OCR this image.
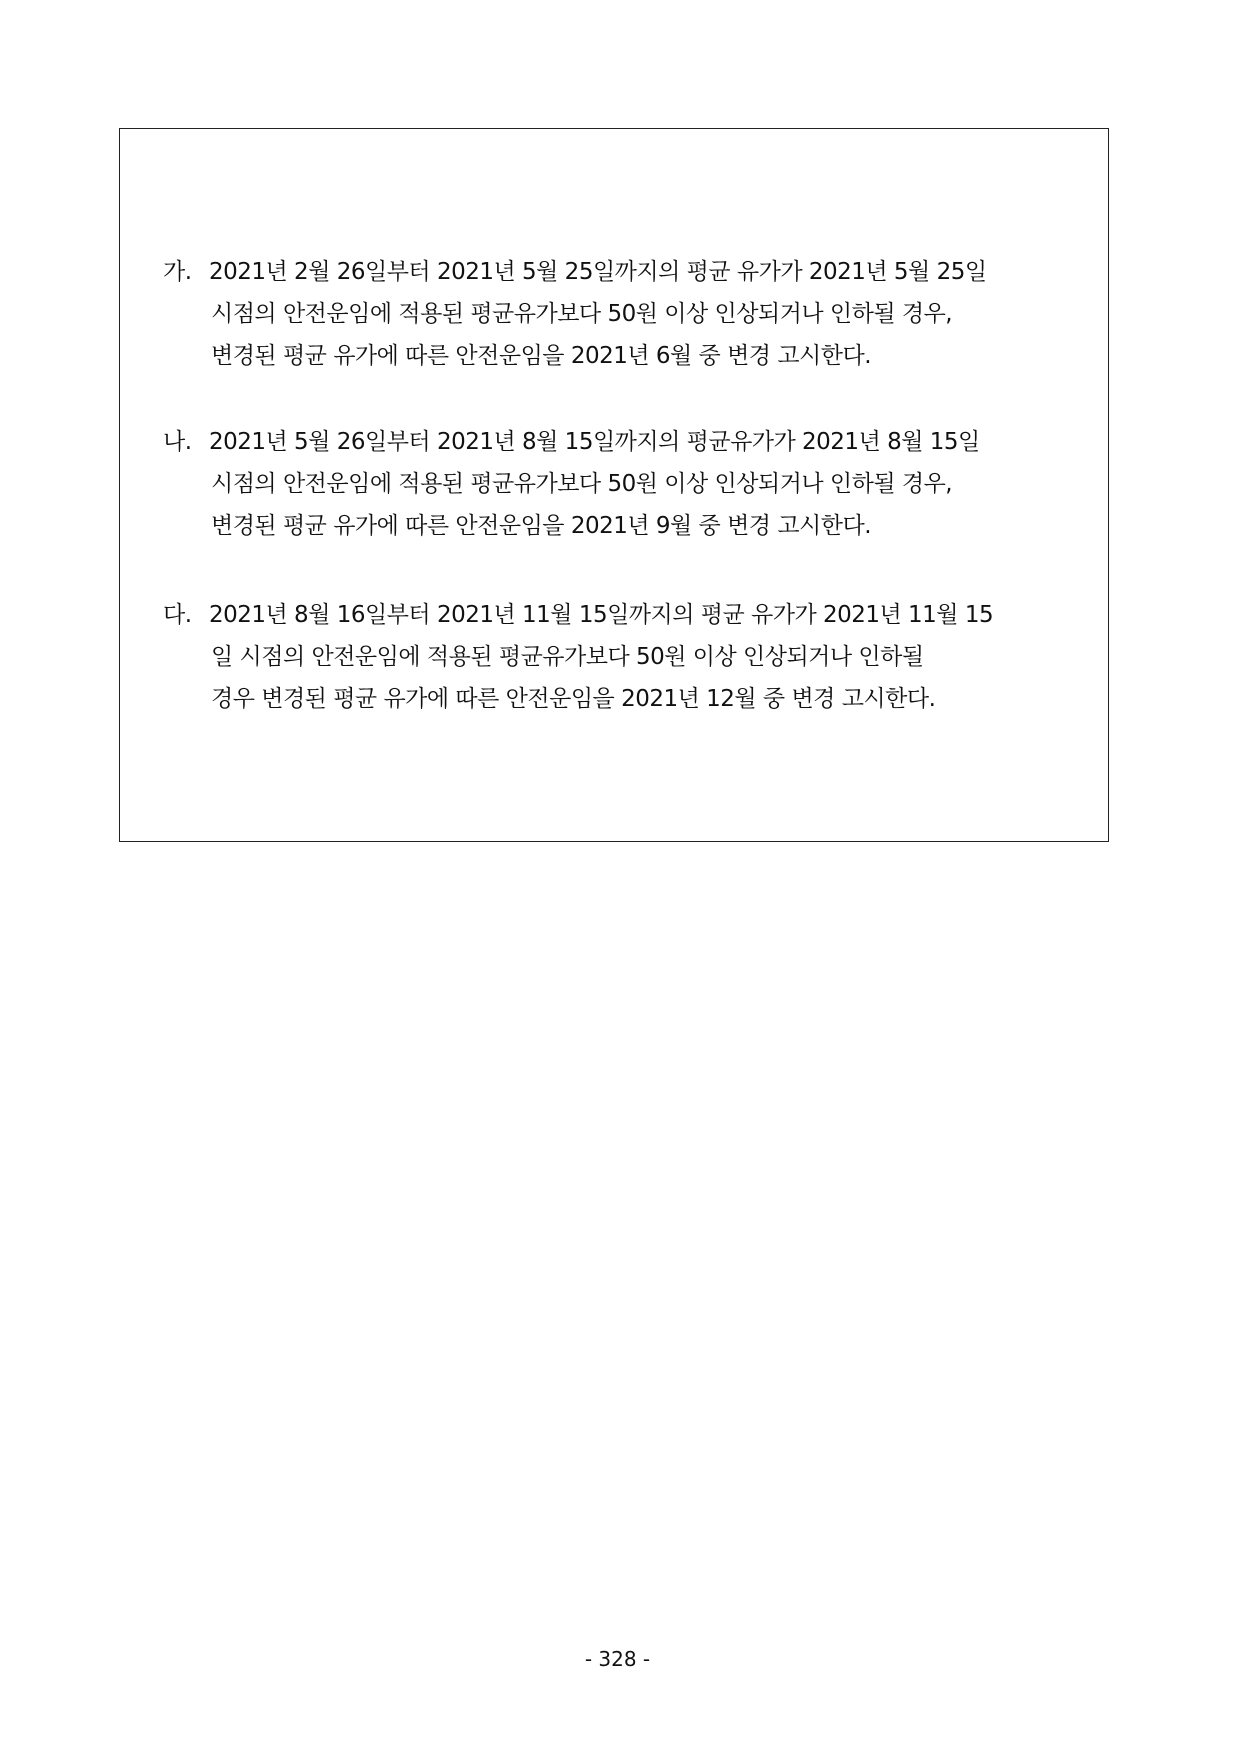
가. 2021년 2월 26일부터 2021년 5월 25일까지의 평균 유가가 2021년 5월 25일
시점의 안전운임에 적용된 평균유가보다 50원 이상 인상되거나 인하될 경우,
변경된 평균 유가에 따른 안전운임을 2021년 6월 중 변경 고시한다.
나. 2021년 5월 26일부터 2021년 8월 15일까지의 평균유가가 2021년 8월 15일
시점의 안전운임에 적용된 평균유가보다 50원 이상 인상되거나 인하될 경우,
변경된 평균 유가에 따른 안전운임을 2021년 9월 중 변경 고시한다.
다. 2021년 8월 16일부터 2021년 11월 15일까지의 평균 유가가 2021년 11월 15
일 시점의 안전운임에 적용된 평균유가보다 50원 이상 인상되거나 인하될
경우 변경된 평균 유가에 따른 안전운임을 2021년 12월 중 변경 고시한다.
- 328 -
